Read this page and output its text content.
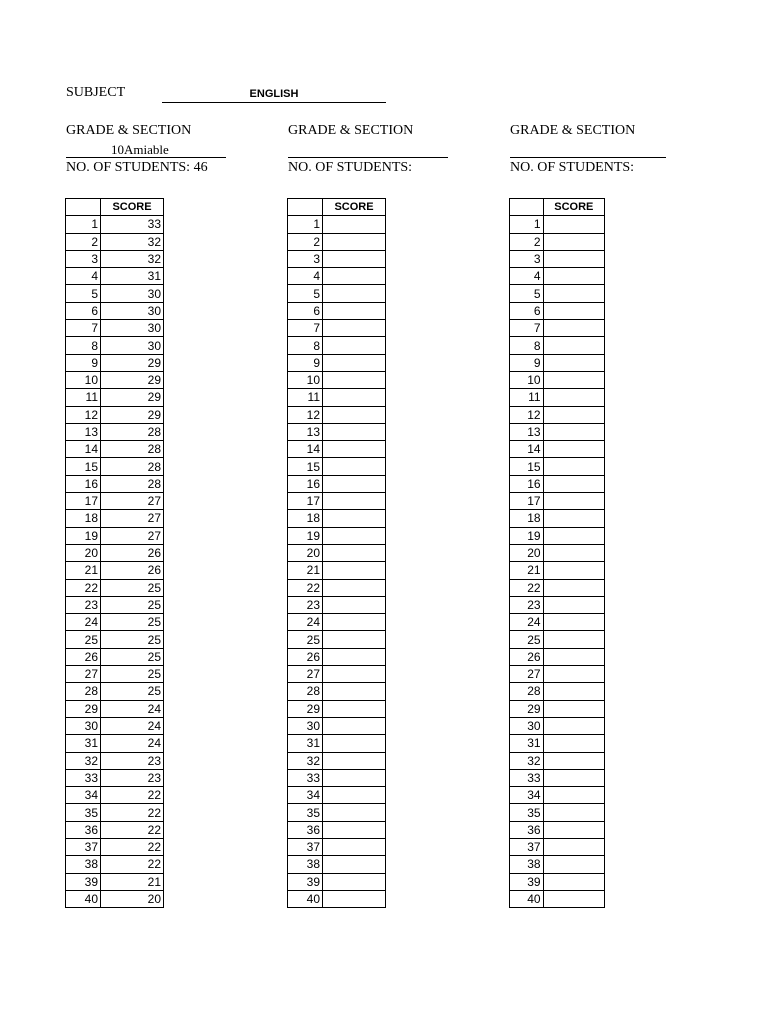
SUBJECT	ENGLISH
GRADE & SECTION
10Amiable
NO. OF STUDENTS: 46
GRADE & SECTION
NO. OF STUDENTS:
GRADE & SECTION
NO. OF STUDENTS:
	SCORE
1	33
2	32
3	32
4	31
5	30
6	30
7	30
8	30
9	29
10	29
11	29
12	29
13	28
14	28
15	28
16	28
17	27
18	27
19	27
20	26
21	26
22	25
23	25
24	25
25	25
26	25
27	25
28	25
29	24
30	24
31	24
32	23
33	23
34	22
35	22
36	22
37	22
38	22
39	21
40	20
	SCORE
1	
2	
3	
4	
5	
6	
7	
8	
9	
10	
11	
12	
13	
14	
15	
16	
17	
18	
19	
20	
21	
22	
23	
24	
25	
26	
27	
28	
29	
30	
31	
32	
33	
34	
35	
36	
37	
38	
39	
40	
	SCORE
1	
2	
3	
4	
5	
6	
7	
8	
9	
10	
11	
12	
13	
14	
15	
16	
17	
18	
19	
20	
21	
22	
23	
24	
25	
26	
27	
28	
29	
30	
31	
32	
33	
34	
35	
36	
37	
38	
39	
40	
